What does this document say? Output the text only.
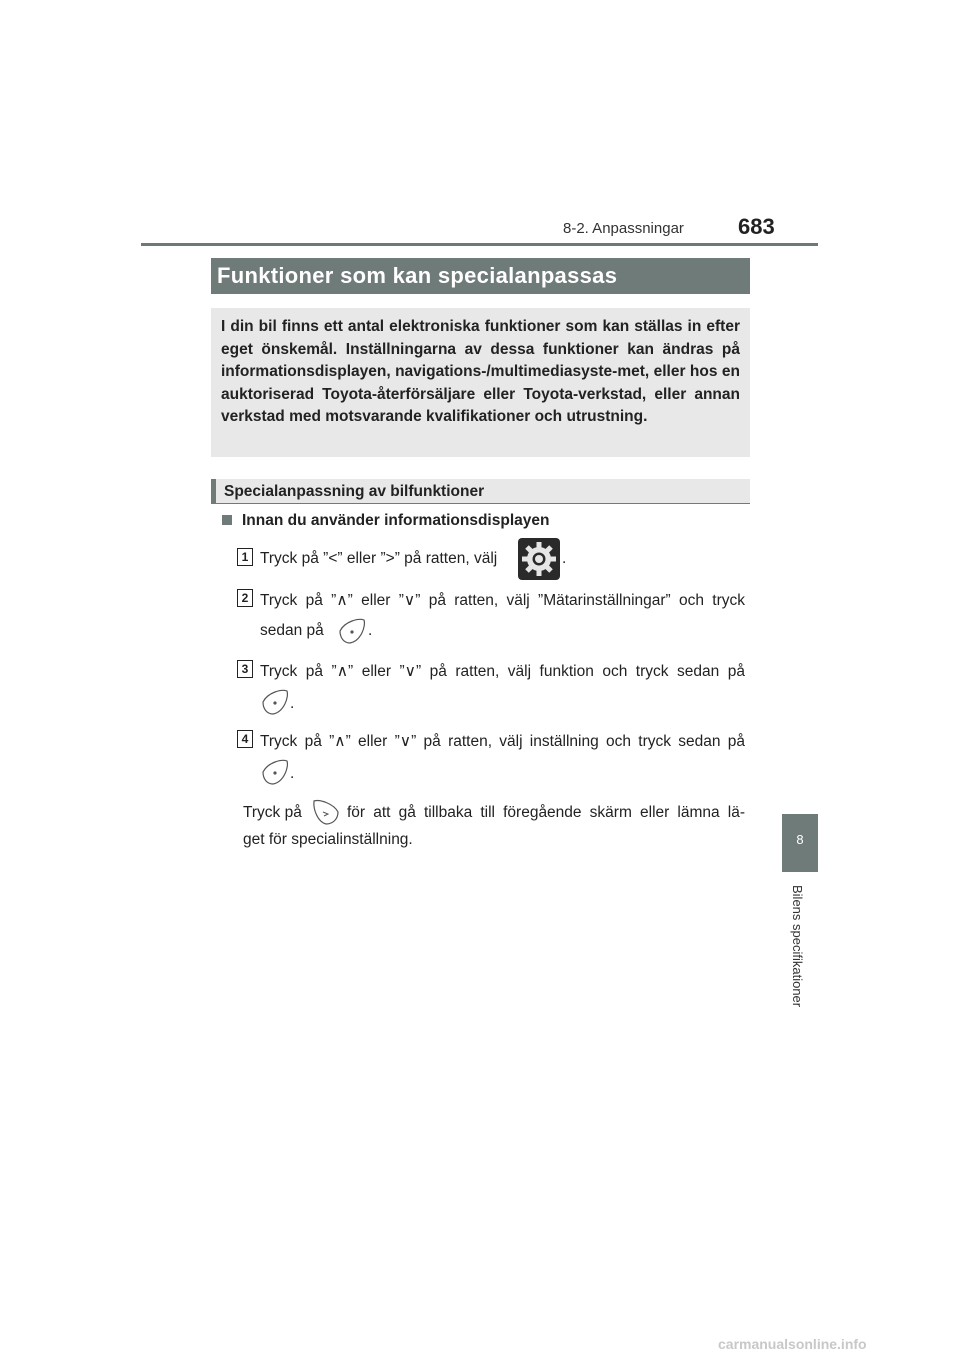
8-2. Anpassningar 683
Funktioner som kan specialanpassas

I din bil finns ett antal elektroniska funktioner som kan ställas in efter eget önskemål. Inställningarna av dessa funktioner kan ändras på informationsdisplayen, navigations-/multimediasyste-met, eller hos en auktoriserad Toyota-återförsäljare eller Toyota-verkstad, eller annan verkstad med motsvarande kvalifikationer och utrustning.

Specialanpassning av bilfunktioner
Innan du använder informationsdisplayen
1 Tryck på ”<” eller ”>” på ratten, välj	.
2 Tryck på ”∧” eller ”∨” på ratten, välj ”Mätarinställningar” och tryck
sedan på	.
3 Tryck på ”∧” eller ”∨” på ratten, välj funktion och tryck sedan på
.
4 Tryck på ”∧” eller ”∨” på ratten, välj inställning och tryck sedan på
.
Tryck på	för att gå tillbaka till föregående skärm eller lämna lä-
get för specialinställning.	8
Bilens specifikationer
carmanualsonline.info
